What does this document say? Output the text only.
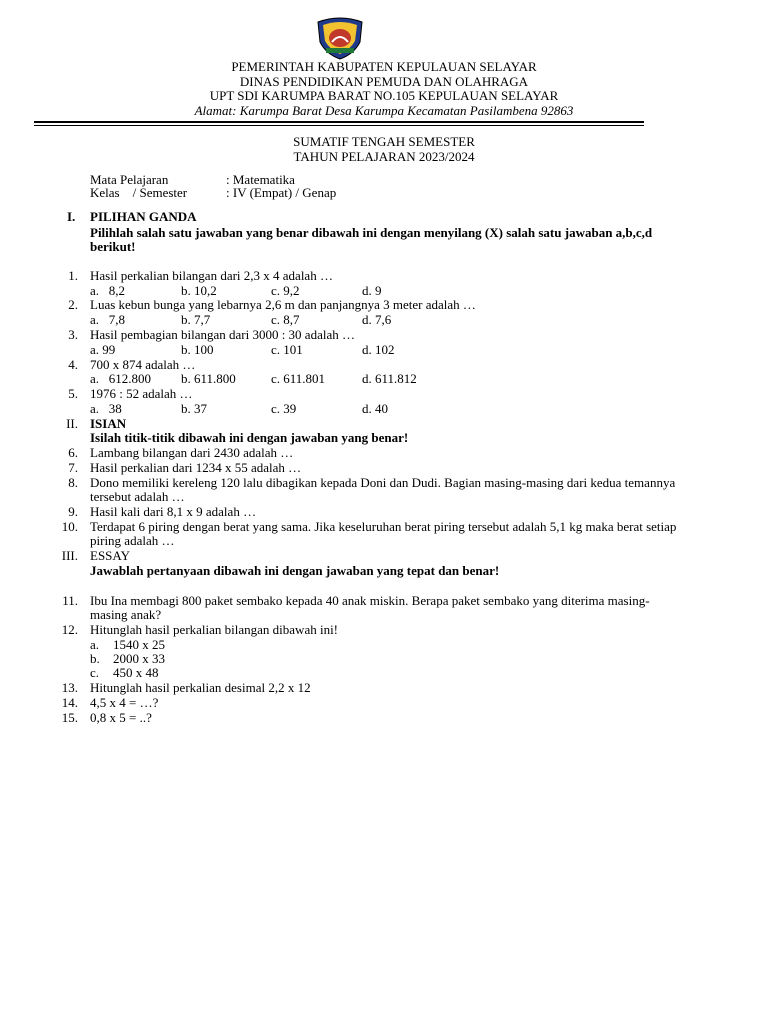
PEMERINTAH KABUPATEN KEPULAUAN SELAYAR
DINAS PENDIDIKAN PEMUDA DAN OLAHRAGA
UPT SDI KARUMPA BARAT NO.105 KEPULAUAN SELAYAR
Alamat: Karumpa Barat Desa Karumpa Kecamatan Pasilambena 92863
SUMATIF TENGAH SEMESTER
TAHUN PELAJARAN 2023/2024
Mata Pelajaran	: Matematika
Kelas    / Semester	: IV (Empat) / Genap
I. PILIHAN GANDA
Pilihlah salah satu jawaban yang benar dibawah ini dengan menyilang (X) salah satu jawaban a,b,c,d
berikut!
1. Hasil perkalian bilangan dari 2,3 x 4 adalah …
a.   8,2	b. 10,2	c. 9,2	d. 9
2. Luas kebun bunga yang lebarnya 2,6 m dan panjangnya 3 meter adalah …
a.   7,8	b. 7,7	c. 8,7	d. 7,6
3. Hasil pembagian bilangan dari 3000 : 30 adalah …
a. 99	b. 100	c. 101	d. 102
4. 700 x 874 adalah …
a.   612.800 b. 611.800	c. 611.801	d. 611.812
5. 1976 : 52 adalah …
a.   38	b. 37	c. 39	d. 40
II. ISIAN
Isilah titik-titik dibawah ini dengan jawaban yang benar!
6. Lambang bilangan dari 2430 adalah …
7. Hasil perkalian dari 1234 x 55 adalah …
8. Dono memiliki kereleng 120 lalu dibagikan kepada Doni dan Dudi. Bagian masing-masing dari kedua temannya
tersebut adalah …
9. Hasil kali dari 8,1 x 9 adalah …
10. Terdapat 6 piring dengan berat yang sama. Jika keseluruhan berat piring tersebut adalah 5,1 kg maka berat setiap
piring adalah …
III. ESSAY
Jawablah pertanyaan dibawah ini dengan jawaban yang tepat dan benar!
11. Ibu Ina membagi 800 paket sembako kepada 40 anak miskin. Berapa paket sembako yang diterima masing-
masing anak?
12. Hitunglah hasil perkalian bilangan dibawah ini!
a. 1540 x 25
b. 2000 x 33
c. 450 x 48
13. Hitunglah hasil perkalian desimal 2,2 x 12
14. 4,5 x 4 = …?
15. 0,8 x 5 = ..?
